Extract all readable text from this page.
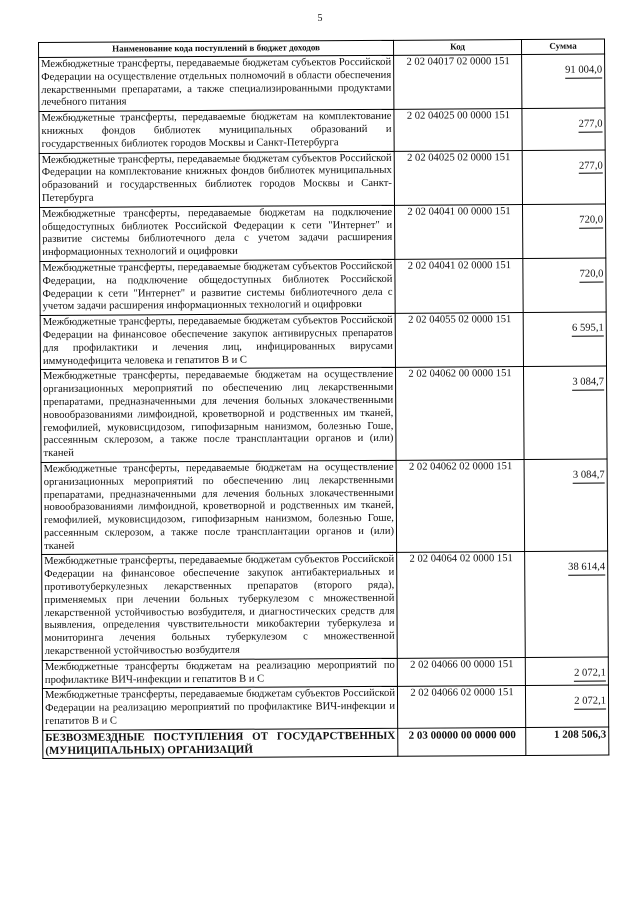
5
Наименование кода поступлений в бюджет доходов	Код	Сумма
Межбюджетные трансферты, передаваемые бюджетам субъектов Российской Федерации на осуществление отдельных полномочий в области обеспечения лекарственными препаратами, а также специализированными продуктами лечебного питания	2 02 04017 02 0000 151	91 004,0
Межбюджетные трансферты, передаваемые бюджетам на комплектование книжных фондов библиотек муниципальных образований и государственных библиотек городов Москвы и Санкт-Петербурга	2 02 04025 00 0000 151	277,0
Межбюджетные трансферты, передаваемые бюджетам субъектов Российской Федерации на комплектование книжных фондов библиотек муниципальных образований и государственных библиотек городов Москвы и Санкт-Петербурга	2 02 04025 02 0000 151	277,0
Межбюджетные трансферты, передаваемые бюджетам на подключение общедоступных библиотек Российской Федерации к сети "Интернет" и развитие системы библиотечного дела с учетом задачи расширения информационных технологий и оцифровки	2 02 04041 00 0000 151	720,0
Межбюджетные трансферты, передаваемые бюджетам субъектов Российской Федерации, на подключение общедоступных библиотек Российской Федерации к сети "Интернет" и развитие системы библиотечного дела с учетом задачи расширения информационных технологий и оцифровки	2 02 04041 02 0000 151	720,0
Межбюджетные трансферты, передаваемые бюджетам субъектов Российской Федерации на финансовое обеспечение закупок антивирусных препаратов для профилактики и лечения лиц, инфицированных вирусами иммунодефицита человека и гепатитов В и С	2 02 04055 02 0000 151	6 595,1
Межбюджетные трансферты, передаваемые бюджетам на осуществление организационных мероприятий по обеспечению лиц лекарственными препаратами, предназначенными для лечения больных злокачественными новообразованиями лимфоидной, кроветворной и родственных им тканей, гемофилией, муковисцидозом, гипофизарным нанизмом, болезнью Гоше, рассеянным склерозом, а также после трансплантации органов и (или) тканей	2 02 04062 00 0000 151	3 084,7
Межбюджетные трансферты, передаваемые бюджетам на осуществление организационных мероприятий по обеспечению лиц лекарственными препаратами, предназначенными для лечения больных злокачественными новообразованиями лимфоидной, кроветворной и родственных им тканей, гемофилией, муковисцидозом, гипофизарным нанизмом, болезнью Гоше, рассеянным склерозом, а также после трансплантации органов и (или) тканей	2 02 04062 02 0000 151	3 084,7
Межбюджетные трансферты, передаваемые бюджетам субъектов Российской Федерации на финансовое обеспечение закупок антибактериальных и противотуберкулезных лекарственных препаратов (второго ряда), применяемых при лечении больных туберкулезом с множественной лекарственной устойчивостью возбудителя, и диагностических средств для выявления, определения чувствительности микобактерии туберкулеза и мониторинга лечения больных туберкулезом с множественной лекарственной устойчивостью возбудителя	2 02 04064 02 0000 151	38 614,4
Межбюджетные трансферты бюджетам на реализацию мероприятий по профилактике ВИЧ-инфекции и гепатитов В и С	2 02 04066 00 0000 151	2 072,1
Межбюджетные трансферты, передаваемые бюджетам субъектов Российской Федерации на реализацию мероприятий по профилактике ВИЧ-инфекции и гепатитов В и С	2 02 04066 02 0000 151	2 072,1
БЕЗВОЗМЕЗДНЫЕ ПОСТУПЛЕНИЯ ОТ ГОСУДАРСТВЕННЫХ (МУНИЦИПАЛЬНЫХ) ОРГАНИЗАЦИЙ	2 03 00000 00 0000 000	1 208 506,3
